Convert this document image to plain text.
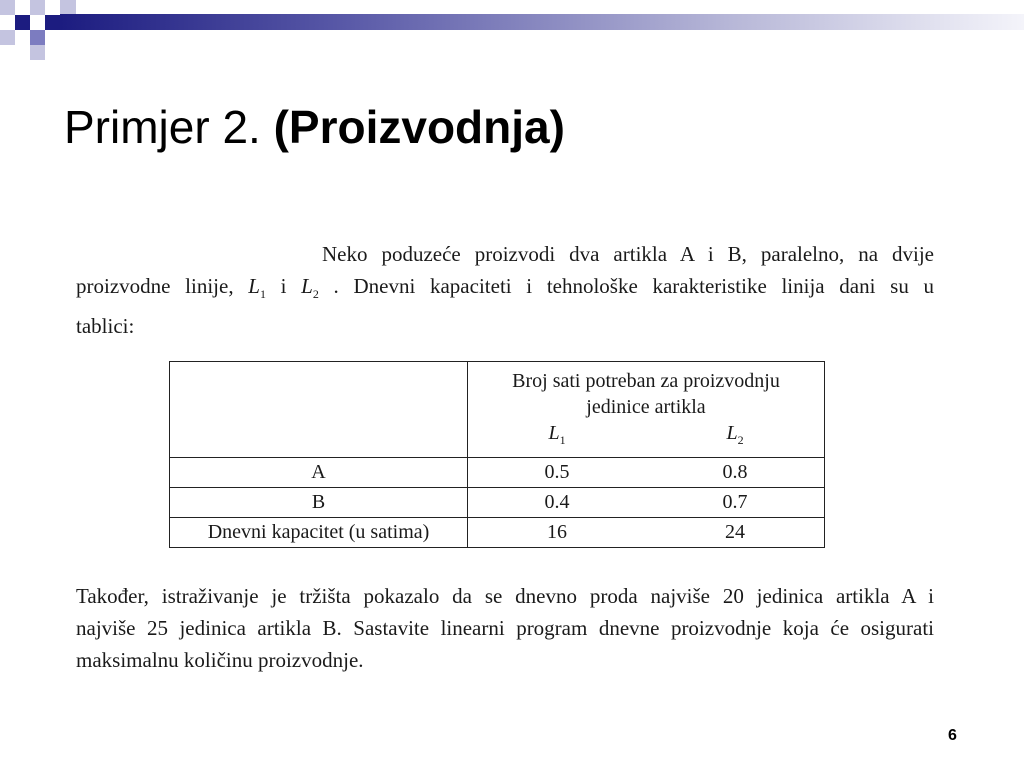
Primjer 2. (Proizvodnja)
Neko poduzeće proizvodi dva artikla A i B, paralelno, na dvije
proizvodne linije, $L_1$ i $L_2$ . Dnevni kapaciteti i tehnološke karakteristike linija dani su u
tablici:

	Broj sati potreban za proizvodnju
jedinice artikla
$L_1$ $L_2$

A	0.5 0.8

B	0.4 0.7

Dnevni kapacitet (u satima)	16 24
Također, istraživanje je tržišta pokazalo da se dnevno proda najviše 20 jedinica artikla A i
najviše 25 jedinica artikla B. Sastavite linearni program dnevne proizvodnje koja će osigurati
maksimalnu količinu proizvodnje.
6
